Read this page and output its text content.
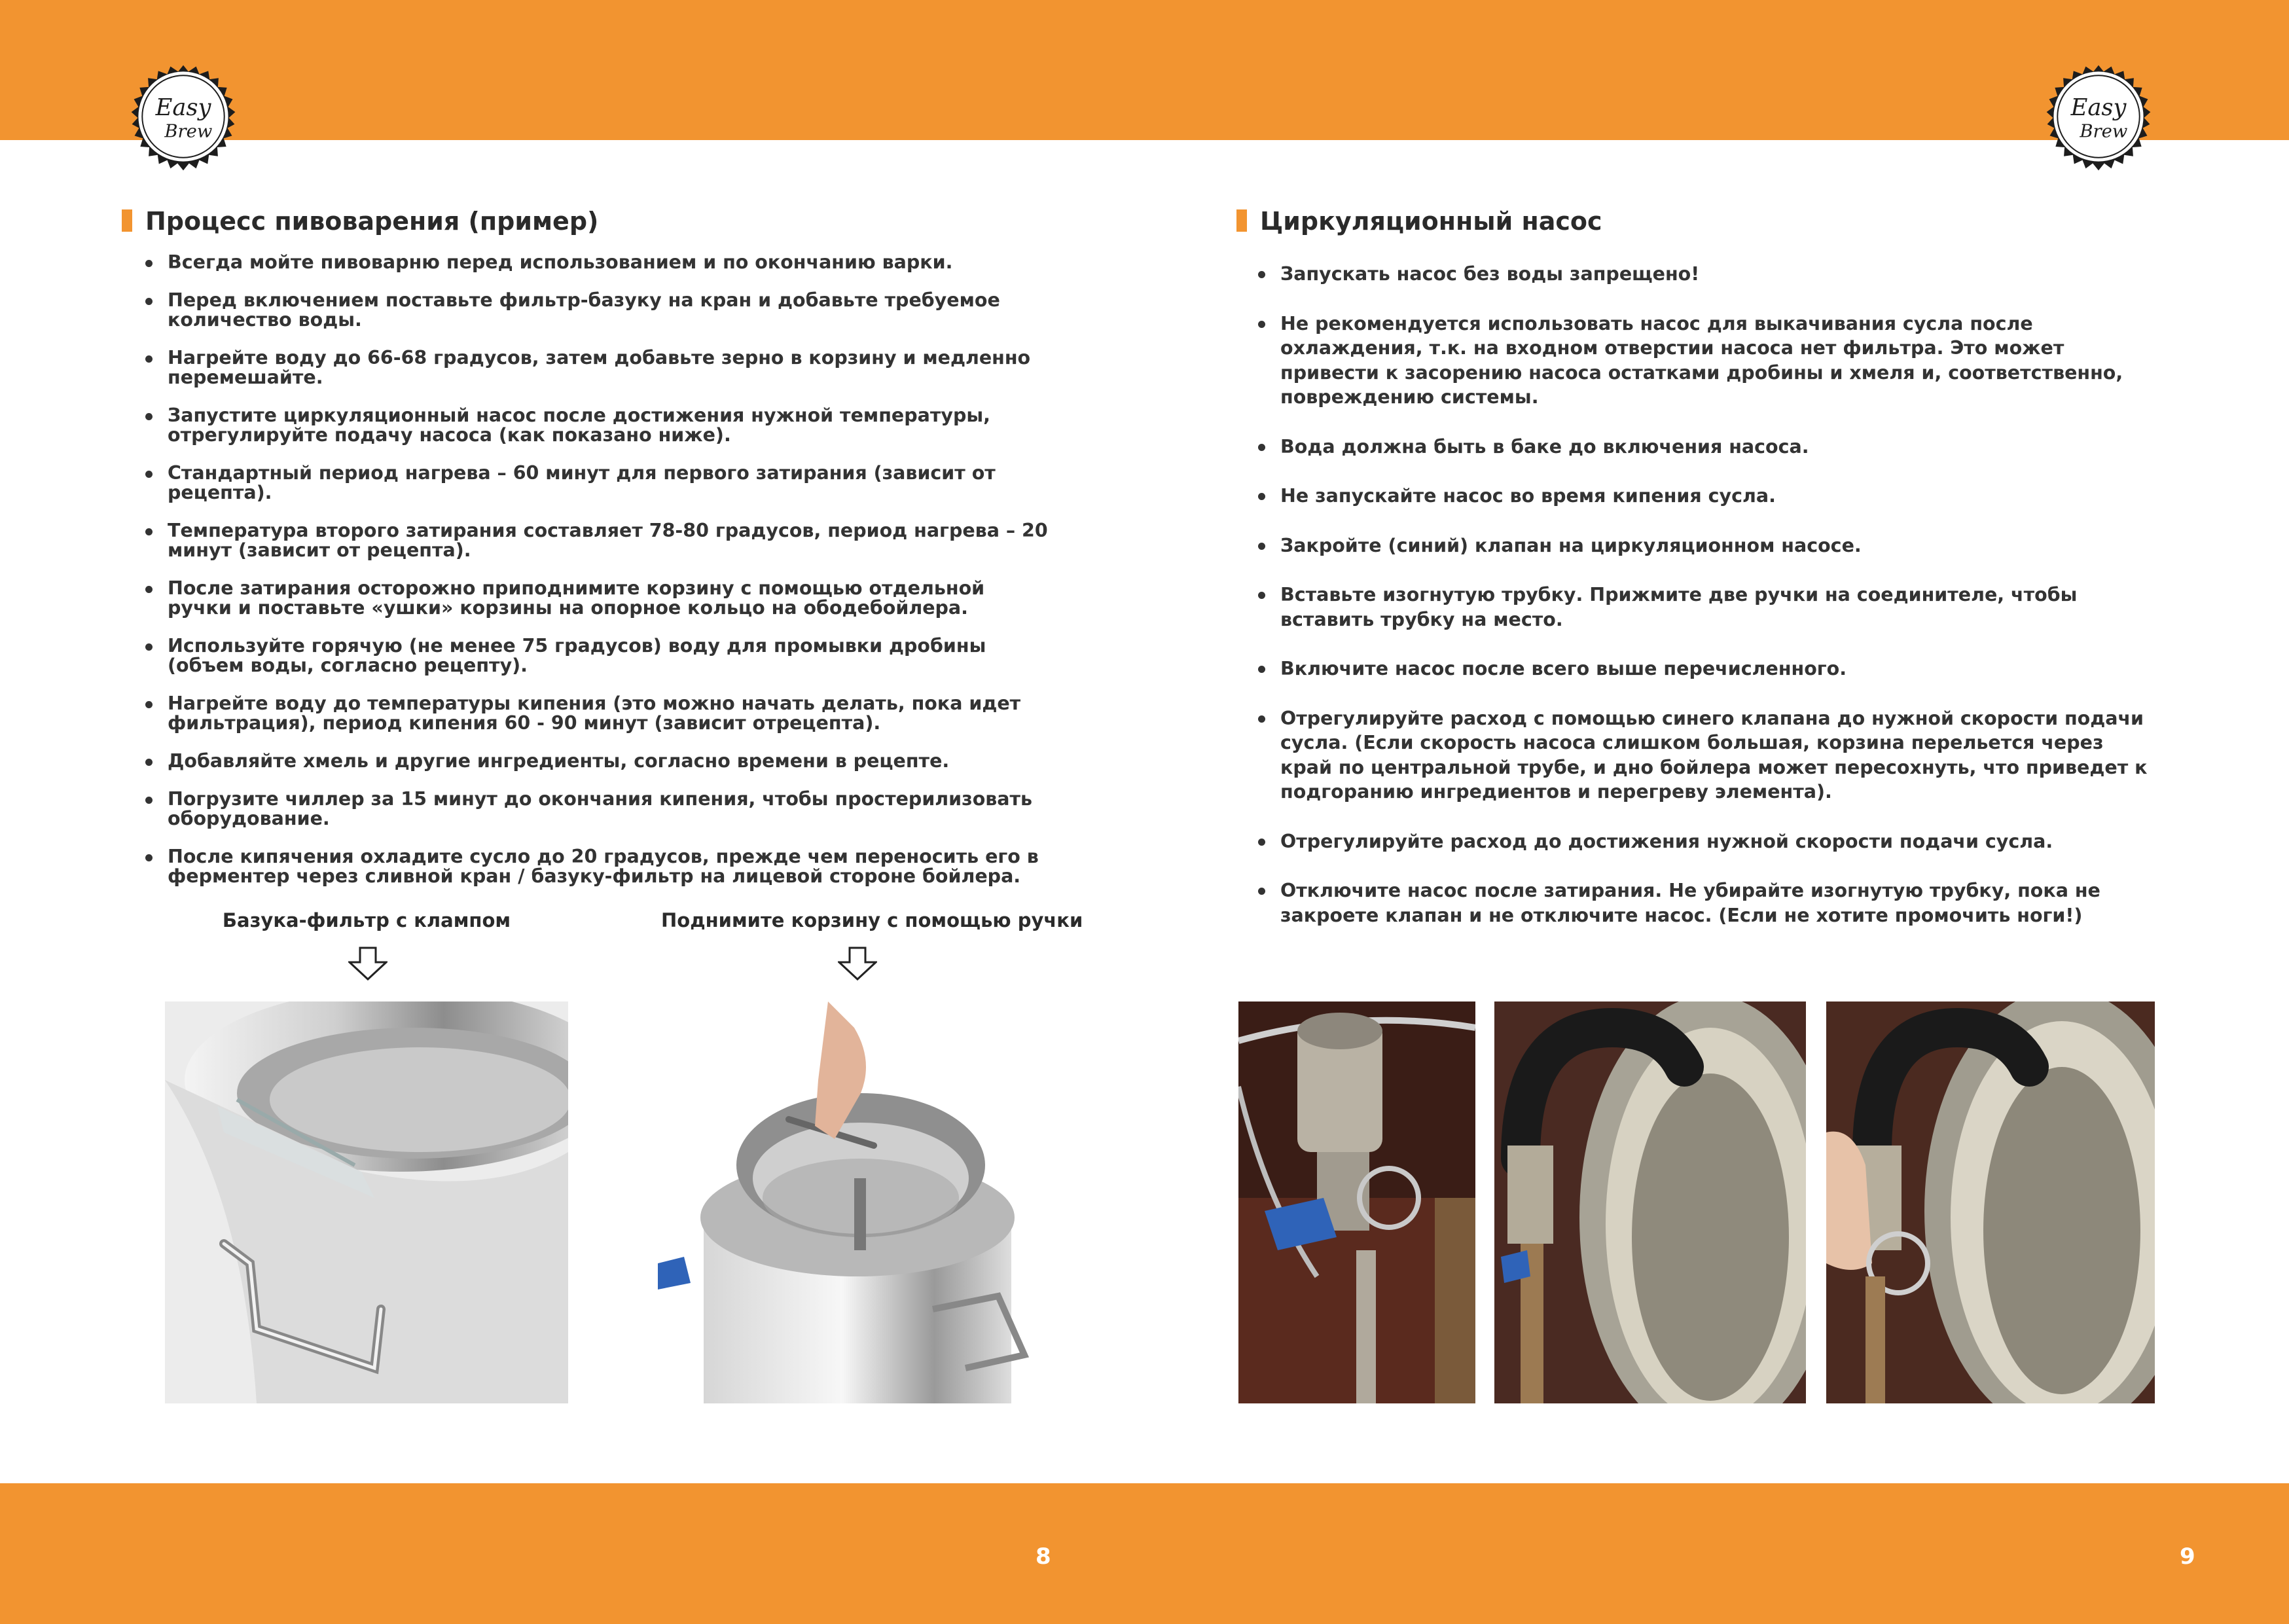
Easy
Brew
Easy
Brew
Процесс пивоварения (пример)
Всегда мойте пивоварню перед использованием и по окончанию варки.
Перед включением поставьте фильтр-базуку на кран и добавьте требуемое количество воды.
Нагрейте воду до 66-68 градусов, затем добавьте зерно в корзину и медленно перемешайте.
Запустите циркуляционный насос после достижения нужной температуры, отрегулируйте подачу насоса (как показано ниже).
Стандартный период нагрева – 60 минут для первого затирания (зависит от рецепта).
Температура второго затирания составляет 78-80 градусов, период нагрева – 20 минут (зависит от рецепта).
После затирания осторожно приподнимите корзину с помощью отдельной ручки и поставьте «ушки» корзины на опорное кольцо на ободебойлера.
Используйте горячую (не менее 75 градусов) воду для промывки дробины (объем воды, согласно рецепту).
Нагрейте воду до температуры кипения (это можно начать делать, пока идет фильтрация), период кипения 60 - 90 минут (зависит отрецепта).
Добавляйте хмель и другие ингредиенты, согласно времени в рецепте.
Погрузите чиллер за 15 минут до окончания кипения, чтобы простерилизовать оборудование.
После кипячения охладите сусло до 20 градусов, прежде чем переносить его в ферментер через сливной кран / базуку-фильтр на лицевой стороне бойлера.
Базука-фильтр с клампом	Поднимите корзину с помощью ручки
Циркуляционный насос
Запускать насос без воды запрещено!
Не рекомендуется использовать насос для выкачивания сусла после охлаждения, т.к. на входном отверстии насоса нет фильтра. Это может привести к засорению насоса остатками дробины и хмеля и, соответственно, повреждению системы.
Вода должна быть в баке до включения насоса.
Не запускайте насос во время кипения сусла.
Закройте (синий) клапан на циркуляционном насосе.
Вставьте изогнутую трубку. Прижмите две ручки на соединителе, чтобы вставить трубку на место.
Включите насос после всего выше перечисленного.
Отрегулируйте расход с помощью синего клапана до нужной скорости подачи сусла. (Если скорость насоса слишком большая, корзина перельется через край по центральной трубе, и дно бойлера может пересохнуть, что приведет к подгоранию ингредиентов и перегреву элемента).
Отрегулируйте расход до достижения нужной скорости подачи сусла.
Отключите насос после затирания. Не убирайте изогнутую трубку, пока не закроете клапан и не отключите насос. (Если не хотите промочить ноги!)
8	9
